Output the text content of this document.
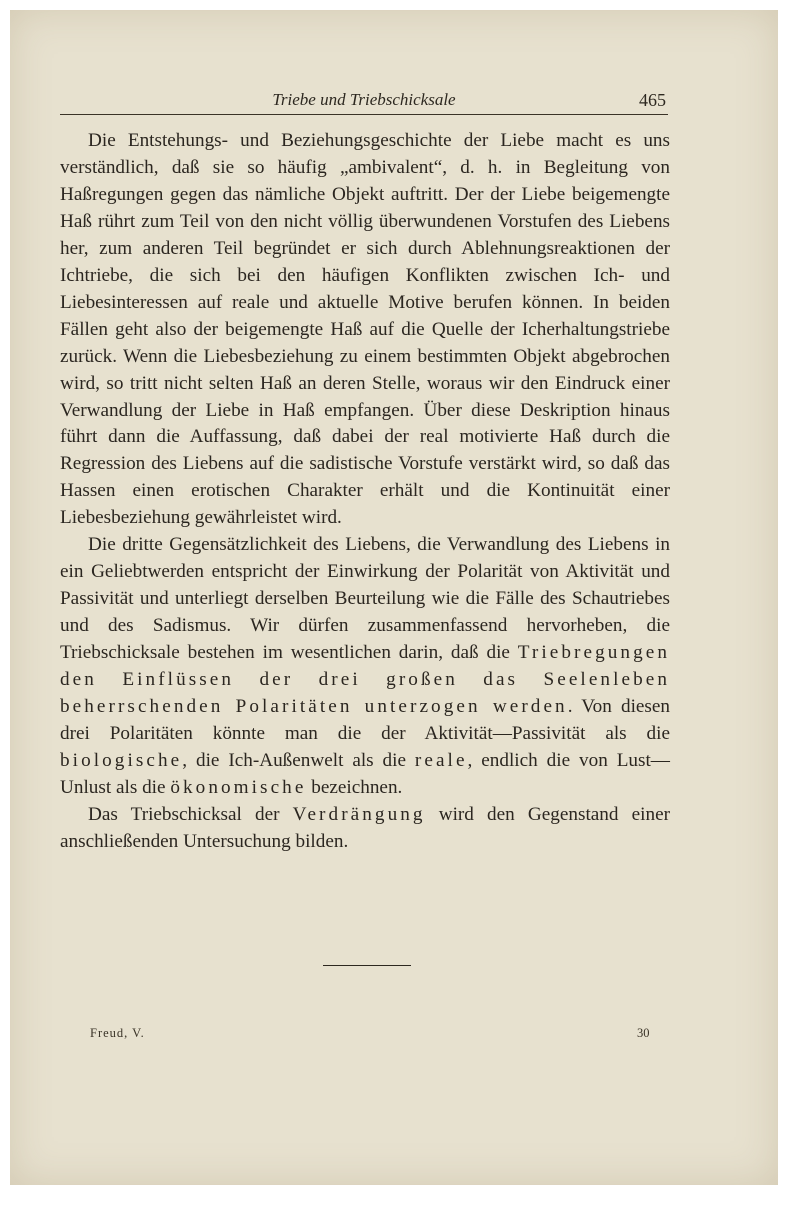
Triebe und Triebschicksale	465

Die Entstehungs- und Beziehungsgeschichte der Liebe macht es uns verständlich, daß sie so häufig „ambivalent“, d. h. in Begleitung von Haßregungen gegen das nämliche Objekt auftritt. Der der Liebe beigemengte Haß rührt zum Teil von den nicht völlig überwundenen Vorstufen des Liebens her, zum anderen Teil begründet er sich durch Ablehnungsreaktionen der Ichtriebe, die sich bei den häufigen Konflikten zwischen Ich- und Liebesinteressen auf reale und aktuelle Motive berufen können. In beiden Fällen geht also der beigemengte Haß auf die Quelle der Icherhaltungstriebe zurück. Wenn die Liebesbeziehung zu einem bestimmten Objekt abgebrochen wird, so tritt nicht selten Haß an deren Stelle, woraus wir den Eindruck einer Verwandlung der Liebe in Haß empfangen. Über diese Deskription hinaus führt dann die Auffassung, daß dabei der real motivierte Haß durch die Regression des Liebens auf die sadistische Vorstufe verstärkt wird, so daß das Hassen einen erotischen Charakter erhält und die Kontinuität einer Liebesbeziehung gewährleistet wird.

Die dritte Gegensätzlichkeit des Liebens, die Verwandlung des Liebens in ein Geliebtwerden entspricht der Einwirkung der Polarität von Aktivität und Passivität und unterliegt derselben Beurteilung wie die Fälle des Schautriebes und des Sadismus. Wir dürfen zusammenfassend hervorheben, die Triebschicksale bestehen im wesentlichen darin, daß die Triebregungen den Einflüssen der drei großen das Seelenleben beherrschenden Polaritäten unterzogen werden. Von diesen drei Polaritäten könnte man die der Aktivität—Passivität als die biologische, die Ich-Außenwelt als die reale, endlich die von Lust—Unlust als die ökonomische bezeichnen.

Das Triebschicksal der Verdrängung wird den Gegenstand einer anschließenden Untersuchung bilden.

Freud, V.	30
